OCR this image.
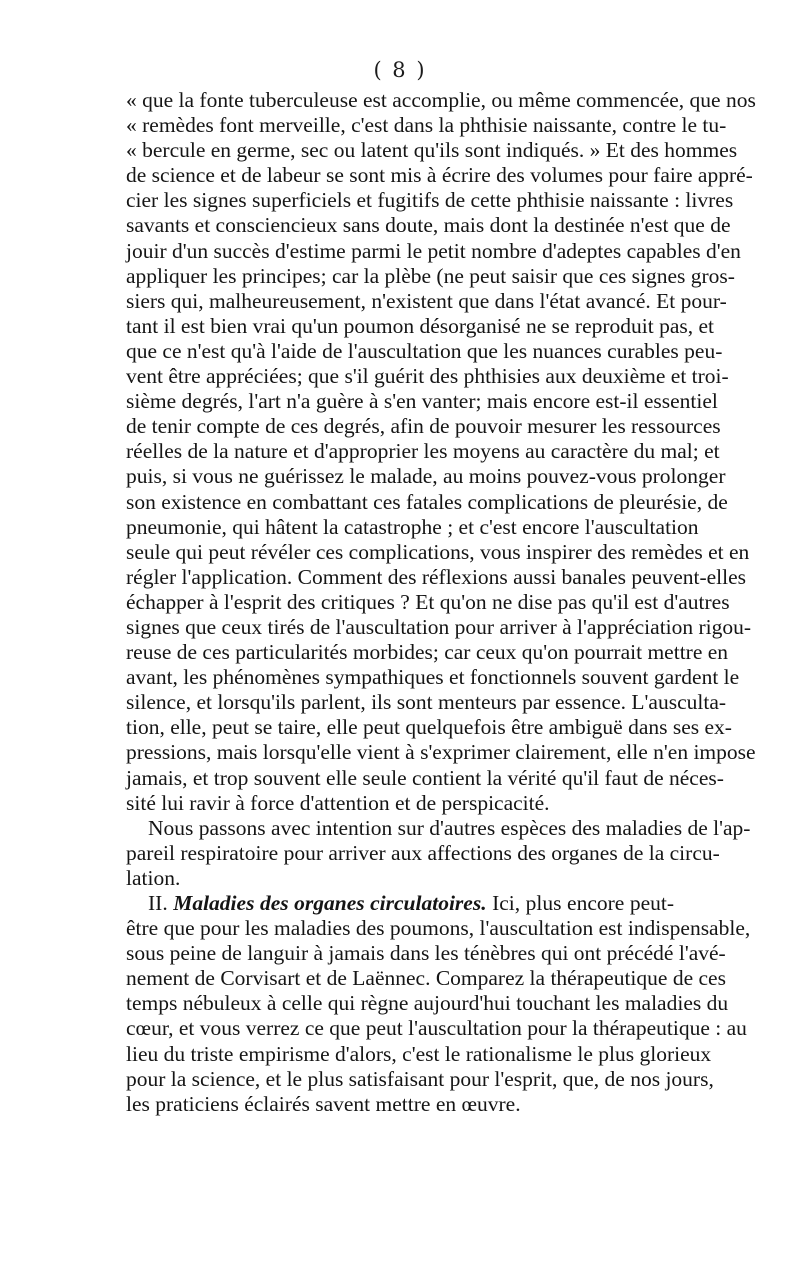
( 8 )
« que la fonte tuberculeuse est accomplie, ou même commencée, que nos
« remèdes font merveille, c'est dans la phthisie naissante, contre le tu-
« bercule en germe, sec ou latent qu'ils sont indiqués. » Et des hommes
de science et de labeur se sont mis à écrire des volumes pour faire appré-
cier les signes superficiels et fugitifs de cette phthisie naissante : livres
savants et consciencieux sans doute, mais dont la destinée n'est que de
jouir d'un succès d'estime parmi le petit nombre d'adeptes capables d'en
appliquer les principes; car la plèbe (ne peut saisir que ces signes gros-
siers qui, malheureusement, n'existent que dans l'état avancé. Et pour-
tant il est bien vrai qu'un poumon désorganisé ne se reproduit pas, et
que ce n'est qu'à l'aide de l'auscultation que les nuances curables peu-
vent être appréciées; que s'il guérit des phthisies aux deuxième et troi-
sième degrés, l'art n'a guère à s'en vanter; mais encore est-il essentiel
de tenir compte de ces degrés, afin de pouvoir mesurer les ressources
réelles de la nature et d'approprier les moyens au caractère du mal; et
puis, si vous ne guérissez le malade, au moins pouvez-vous prolonger
son existence en combattant ces fatales complications de pleurésie, de
pneumonie, qui hâtent la catastrophe ; et c'est encore l'auscultation
seule qui peut révéler ces complications, vous inspirer des remèdes et en
régler l'application. Comment des réflexions aussi banales peuvent-elles
échapper à l'esprit des critiques ? Et qu'on ne dise pas qu'il est d'autres
signes que ceux tirés de l'auscultation pour arriver à l'appréciation rigou-
reuse de ces particularités morbides; car ceux qu'on pourrait mettre en
avant, les phénomènes sympathiques et fonctionnels souvent gardent le
silence, et lorsqu'ils parlent, ils sont menteurs par essence. L'ausculta-
tion, elle, peut se taire, elle peut quelquefois être ambiguë dans ses ex-
pressions, mais lorsqu'elle vient à s'exprimer clairement, elle n'en impose
jamais, et trop souvent elle seule contient la vérité qu'il faut de néces-
sité lui ravir à force d'attention et de perspicacité.
Nous passons avec intention sur d'autres espèces des maladies de l'ap-
pareil respiratoire pour arriver aux affections des organes de la circu-
lation.
II. Maladies des organes circulatoires. Ici, plus encore peut-
être que pour les maladies des poumons, l'auscultation est indispensable,
sous peine de languir à jamais dans les ténèbres qui ont précédé l'avé-
nement de Corvisart et de Laënnec. Comparez la thérapeutique de ces
temps nébuleux à celle qui règne aujourd'hui touchant les maladies du
cœur, et vous verrez ce que peut l'auscultation pour la thérapeutique : au
lieu du triste empirisme d'alors, c'est le rationalisme le plus glorieux
pour la science, et le plus satisfaisant pour l'esprit, que, de nos jours,
les praticiens éclairés savent mettre en œuvre.
